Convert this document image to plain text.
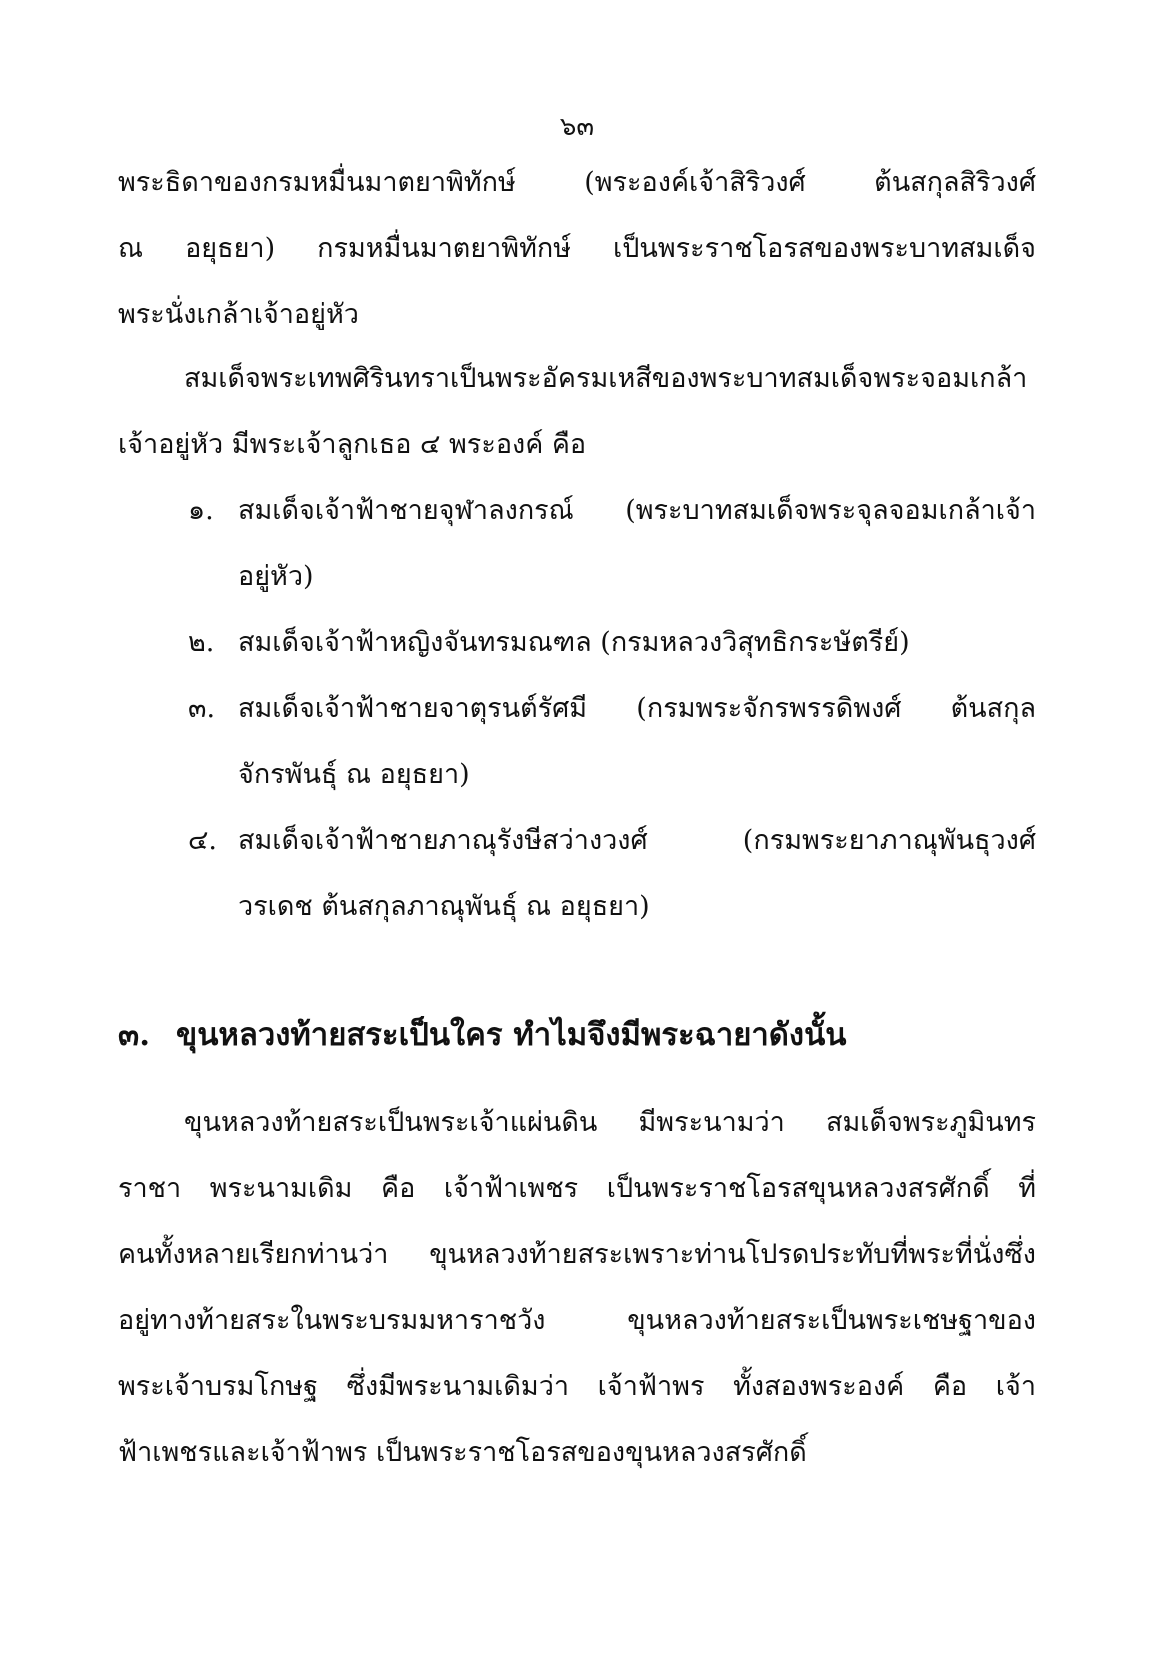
๖๓
พระธิดาของกรมหมื่นมาตยาพิทักษ์ (พระองค์เจ้าสิริวงศ์ ต้นสกุลสิริวงศ์
ณ อยุธยา) กรมหมื่นมาตยาพิทักษ์ เป็นพระราชโอรสของพระบาทสมเด็จ
พระนั่งเกล้าเจ้าอยู่หัว
สมเด็จพระเทพศิรินทราเป็นพระอัครมเหสีของพระบาทสมเด็จพระจอมเกล้า
เจ้าอยู่หัว มีพระเจ้าลูกเธอ ๔ พระองค์ คือ
๑. สมเด็จเจ้าฟ้าชายจุฬาลงกรณ์ (พระบาทสมเด็จพระจุลจอมเกล้าเจ้า
อยู่หัว)
๒. สมเด็จเจ้าฟ้าหญิงจันทรมณฑล (กรมหลวงวิสุทธิกระษัตรีย์)
๓. สมเด็จเจ้าฟ้าชายจาตุรนต์รัศมี (กรมพระจักรพรรดิพงศ์ ต้นสกุล
จักรพันธุ์ ณ อยุธยา)
๔. สมเด็จเจ้าฟ้าชายภาณุรังษีสว่างวงศ์ (กรมพระยาภาณุพันธุวงศ์
วรเดช ต้นสกุลภาณุพันธุ์ ณ อยุธยา)
๓. ขุนหลวงท้ายสระเป็นใคร ทำไมจึงมีพระฉายาดังนั้น
ขุนหลวงท้ายสระเป็นพระเจ้าแผ่นดิน มีพระนามว่า สมเด็จพระภูมินทร
ราชา พระนามเดิม คือ เจ้าฟ้าเพชร เป็นพระราชโอรสขุนหลวงสรศักดิ์ ที่
คนทั้งหลายเรียกท่านว่า ขุนหลวงท้ายสระเพราะท่านโปรดประทับที่พระที่นั่งซึ่ง
อยู่ทางท้ายสระในพระบรมมหาราชวัง ขุนหลวงท้ายสระเป็นพระเชษฐาของ
พระเจ้าบรมโกษฐ ซึ่งมีพระนามเดิมว่า เจ้าฟ้าพร ทั้งสองพระองค์ คือ เจ้า
ฟ้าเพชรและเจ้าฟ้าพร เป็นพระราชโอรสของขุนหลวงสรศักดิ์
